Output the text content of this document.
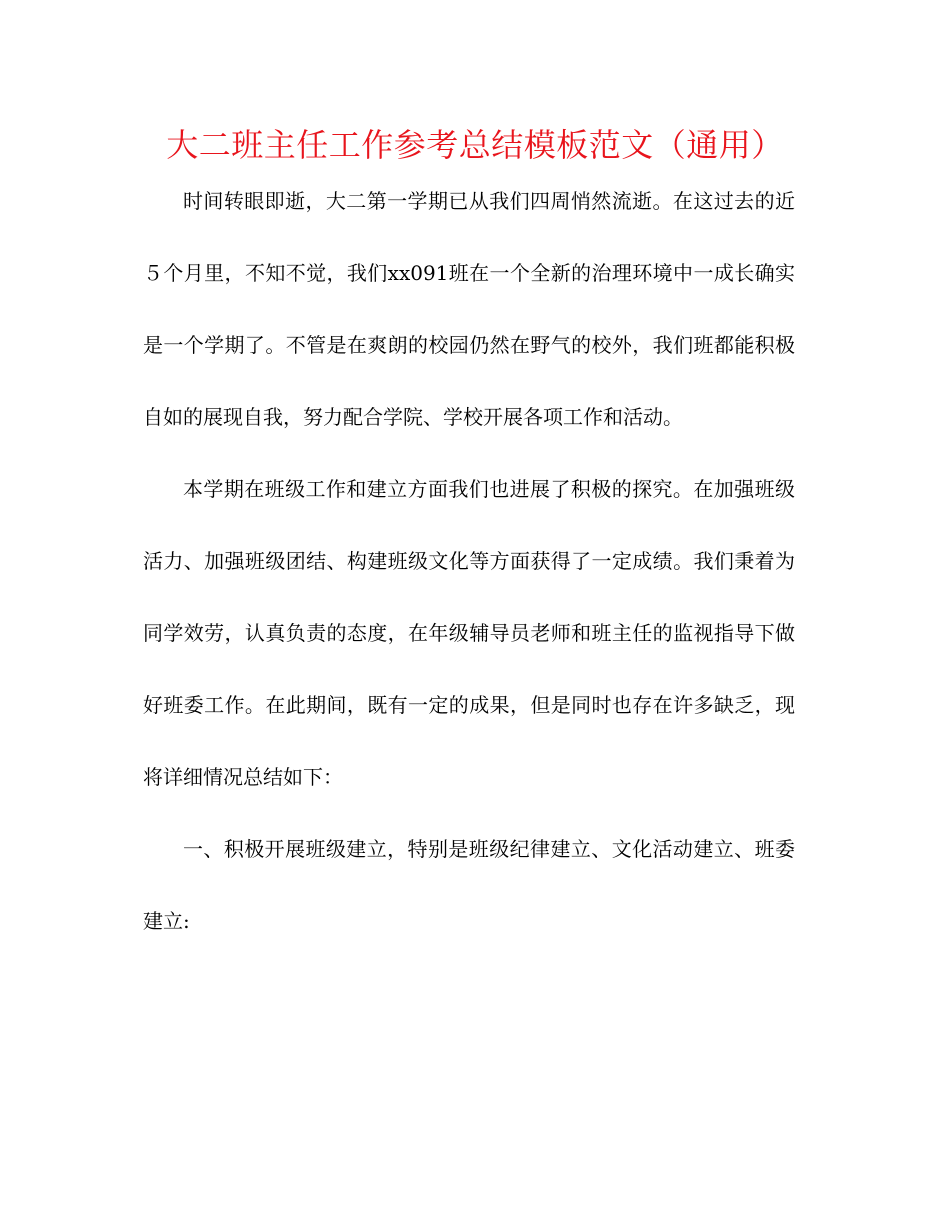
大二班主任工作参考总结模板范文（通用）

时间转眼即逝，大二第一学期已从我们四周悄然流逝。在这过去的近５个月里，不知不觉，我们xx091班在一个全新的治理环境中一成长确实是一个学期了。不管是在爽朗的校园仍然在野气的校外，我们班都能积极自如的展现自我，努力配合学院、学校开展各项工作和活动。

本学期在班级工作和建立方面我们也进展了积极的探究。在加强班级活力、加强班级团结、构建班级文化等方面获得了一定成绩。我们秉着为同学效劳，认真负责的态度，在年级辅导员老师和班主任的监视指导下做好班委工作。在此期间，既有一定的成果，但是同时也存在许多缺乏，现将详细情况总结如下：

一、积极开展班级建立，特别是班级纪律建立、文化活动建立、班委建立:
